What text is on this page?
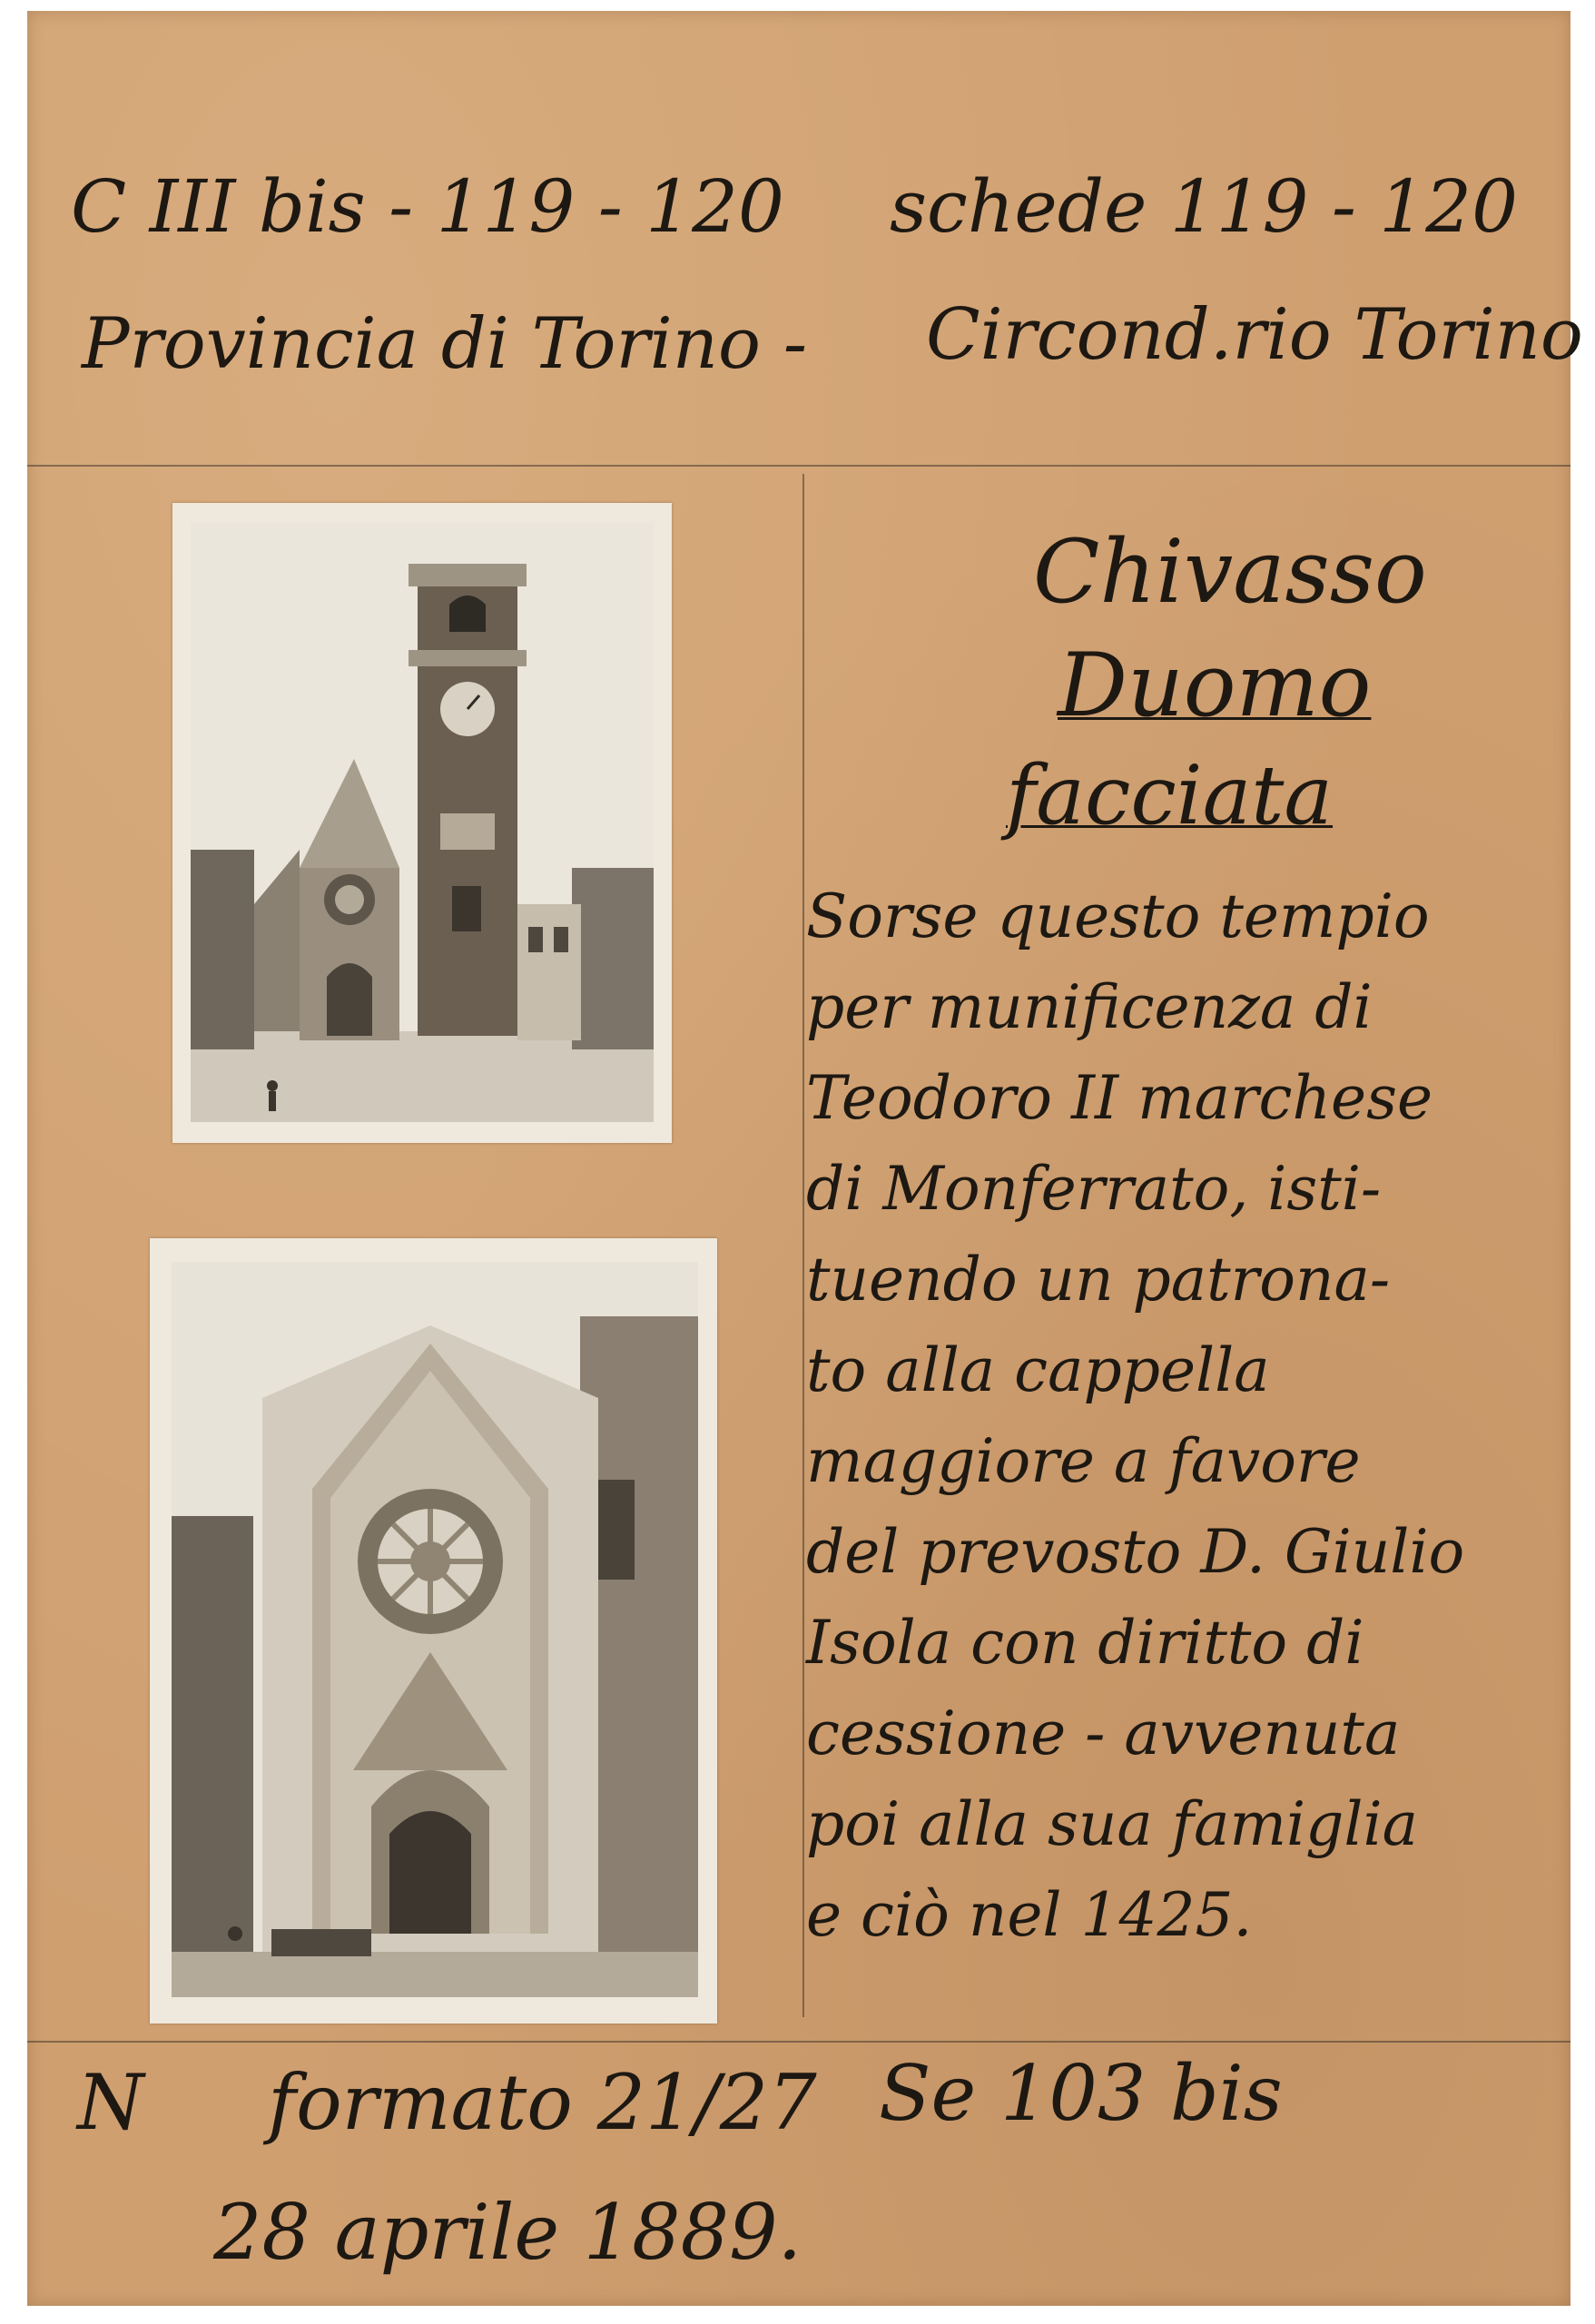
C III bis - 119 - 120 schede 119 - 120
Provincia di Torino - Circond.rio Torino
Chivasso
Duomo
facciata
Sorse questo tempio
per munificenza di
Teodoro II marchese
di Monferrato, isti-
tuendo un patrona-
to alla cappella
maggiore a favore
del prevosto D. Giulio
Isola con diritto di
cessione - avvenuta
poi alla sua famiglia
e ciò nel 1425.
N formato 21/27 Se 103 bis
28 aprile 1889.
